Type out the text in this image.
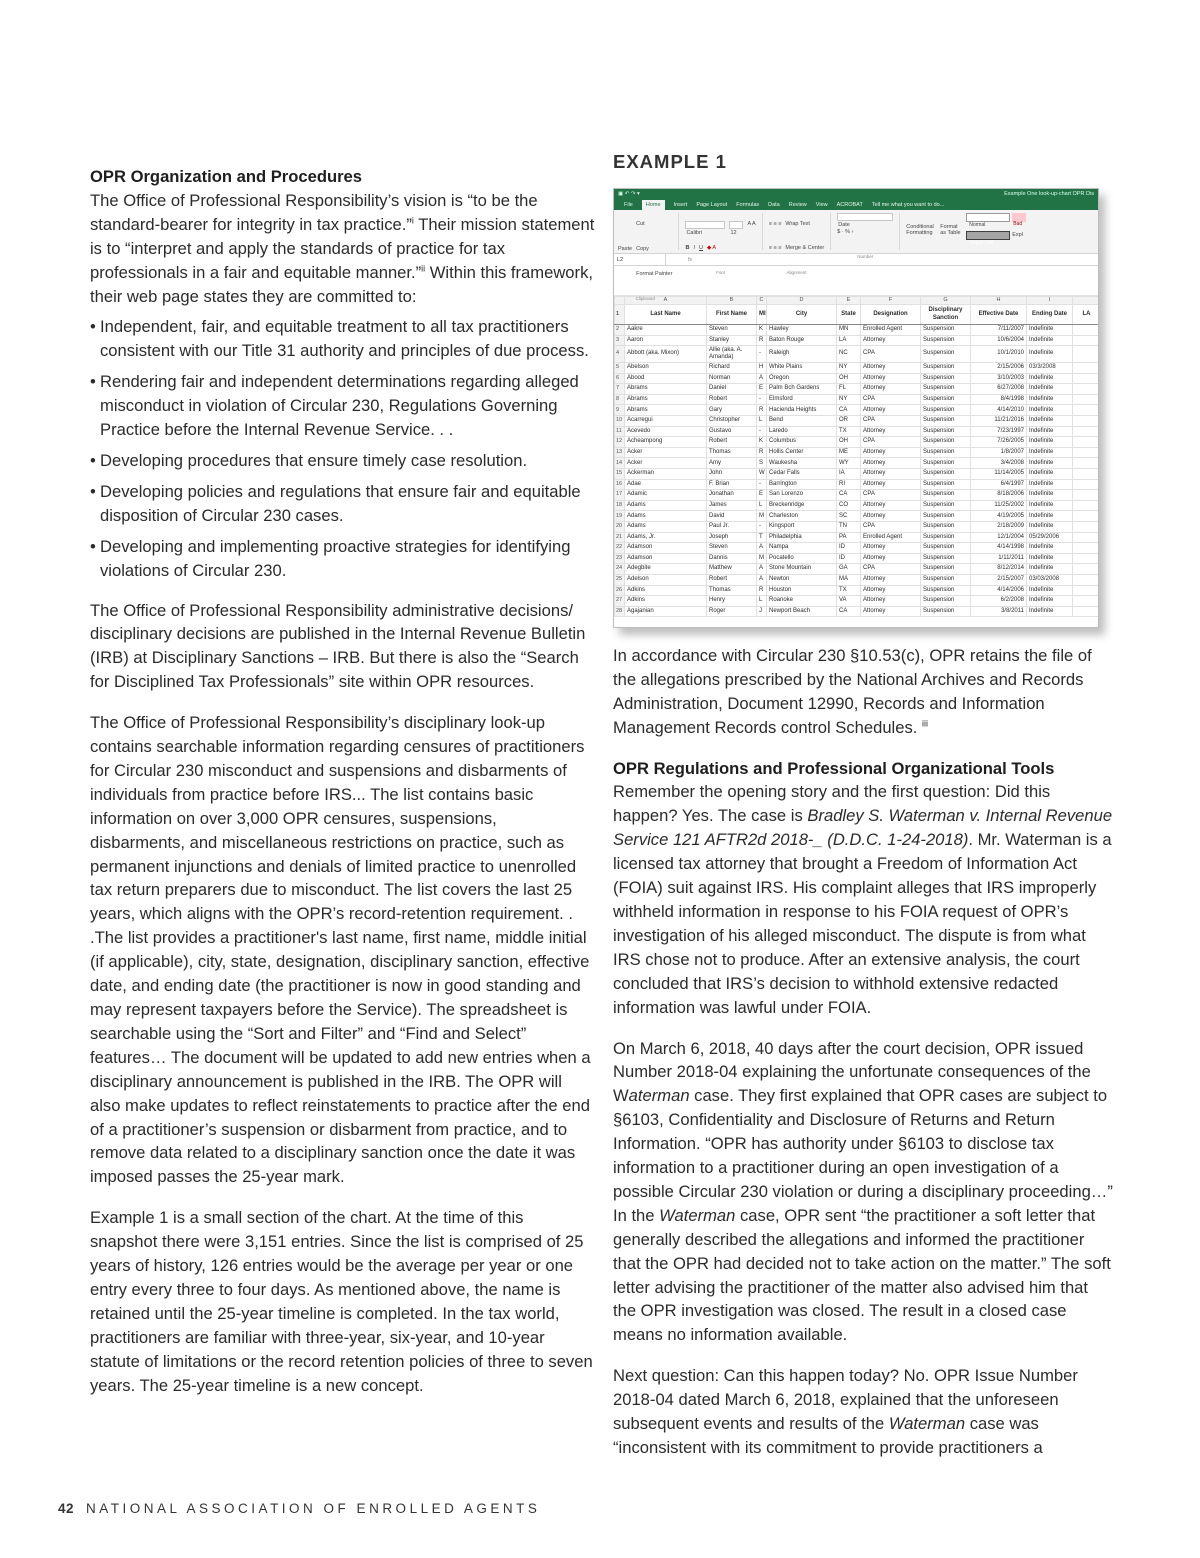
OPR Organization and Procedures

The Office of Professional Responsibility’s vision is “to be the standard-bearer for integrity in tax practice.”$^i$ Their mission statement is to “interpret and apply the standards of practice for tax professionals in a fair and equitable manner.”$^{ii}$ Within this framework, their web page states they are committed to:

• Independent, fair, and equitable treatment to all tax practitioners consistent with our Title 31 authority and principles of due process.
• Rendering fair and independent determinations regarding alleged misconduct in violation of Circular 230, Regulations Governing Practice before the Internal Revenue Service. . .
• Developing procedures that ensure timely case resolution.
• Developing policies and regulations that ensure fair and equitable disposition of Circular 230 cases.
• Developing and implementing proactive strategies for identifying violations of Circular 230.

The Office of Professional Responsibility administrative decisions/ disciplinary decisions are published in the Internal Revenue Bulletin (IRB) at Disciplinary Sanctions – IRB. But there is also the “Search for Disciplined Tax Professionals” site within OPR resources.

The Office of Professional Responsibility’s disciplinary look-up contains searchable information regarding censures of practitioners for Circular 230 misconduct and suspensions and disbarments of individuals from practice before IRS... The list contains basic information on over 3,000 OPR censures, suspensions, disbarments, and miscellaneous restrictions on practice, such as permanent injunctions and denials of limited practice to unenrolled tax return preparers due to misconduct. The list covers the last 25 years, which aligns with the OPR’s record-retention requirement. . .The list provides a practitioner's last name, first name, middle initial (if applicable), city, state, designation, disciplinary sanction, effective date, and ending date (the practitioner is now in good standing and may represent taxpayers before the Service). The spreadsheet is searchable using the “Sort and Filter” and “Find and Select” features… The document will be updated to add new entries when a disciplinary announcement is published in the IRB. The OPR will also make updates to reflect reinstatements to practice after the end of a practitioner’s suspension or disbarment from practice, and to remove data related to a disciplinary sanction once the date it was imposed passes the 25-year mark.

Example 1 is a small section of the chart. At the time of this snapshot there were 3,151 entries. Since the list is comprised of 25 years of history, 126 entries would be the average per year or one entry every three to four days. As mentioned above, the name is retained until the 25-year timeline is completed. In the tax world, practitioners are familiar with three-year, six-year, and 10-year statute of limitations or the record retention policies of three to seven years. The 25-year timeline is a new concept.

EXAMPLE 1
▣ ↶ ↷ ▾	Example One look-up-chart OPR Dis
File	Home	Insert Page Layout Formulas Data Review View ACROBAT Tell me what you want to do...
Paste
Cut
Copy
Format Painter
Clipboard
Calibri	12
A A
B I U ◆ A
Font
≡ ≡ ≡ Wrap Text
≡ ≡ ≡ Merge & Center
Alignment
Date
$ · % ›
Number
Conditional Formatting
Format as Table
Normal	Bad
Check Cell
Expl
L2	fx
	A	B	C	D	E	F	G	H	I	
1	Last Name	First Name	MI	City	State	Designation	Disciplinary Sanction	Effective Date	Ending Date	LA
2	Aakre	Steven	K	Hawley	MN	Enrolled Agent	Suspension	7/11/2007	Indefinite	
3	Aaron	Stanley	R	Baton Rouge	LA	Attorney	Suspension	10/6/2004	Indefinite	
4	Abbott (aka. Mixon)	Allie (aka. A. Amanda)	-	Raleigh	NC	CPA	Suspension	10/1/2010	Indefinite	
5	Abelson	Richard	H	White Plains	NY	Attorney	Suspension	2/15/2006	03/3/2008	
6	Abood	Norman	A	Oregon	OH	Attorney	Suspension	3/10/2003	Indefinite	
7	Abrams	Daniel	E	Palm Bch Gardens	FL	Attorney	Suspension	6/27/2008	Indefinite	
8	Abrams	Robert	-	Elmsford	NY	CPA	Suspension	8/4/1998	Indefinite	
9	Abrams	Gary	R	Hacienda Heights	CA	Attorney	Suspension	4/14/2010	Indefinite	
10	Acarregui	Christopher	L	Bend	OR	CPA	Suspension	11/21/2016	Indefinite	
11	Acevedo	Gustavo	-	Laredo	TX	Attorney	Suspension	7/23/1997	Indefinite	
12	Acheampong	Robert	K	Columbus	OH	CPA	Suspension	7/26/2005	Indefinite	
13	Acker	Thomas	R	Hollis Center	ME	Attorney	Suspension	1/8/2007	Indefinite	
14	Acker	Amy	S	Waukesha	WY	Attorney	Suspension	3/4/2008	Indefinite	
15	Ackerman	John	W	Cedar Falls	IA	Attorney	Suspension	11/14/2005	Indefinite	
16	Adae	F. Brian	-	Barrington	RI	Attorney	Suspension	6/4/1997	Indefinite	
17	Adamic	Jonathan	E	San Lorenzo	CA	CPA	Suspension	8/18/2006	Indefinite	
18	Adams	James	L	Breckenridge	CO	Attorney	Suspension	11/25/2002	Indefinite	
19	Adams	David	M	Charleston	SC	Attorney	Suspension	4/19/2005	Indefinite	
20	Adams	Paul Jr.	-	Kingsport	TN	CPA	Suspension	2/18/2009	Indefinite	
21	Adams, Jr.	Joseph	T	Philadelphia	PA	Enrolled Agent	Suspension	12/1/2004	05/29/2006	
22	Adamson	Steven	A	Nampa	ID	Attorney	Suspension	4/14/1998	Indefinite	
23	Adamson	Dannis	M	Pocatello	ID	Attorney	Suspension	1/11/2011	Indefinite	
24	Adegbite	Matthew	A	Stone Mountain	GA	CPA	Suspension	8/12/2014	Indefinite	
25	Adelson	Robert	A	Newton	MA	Attorney	Suspension	2/15/2007	03/03/2008	
26	Adkins	Thomas	R	Houston	TX	Attorney	Suspension	4/14/2006	Indefinite	
27	Adkins	Henry	L	Roanoke	VA	Attorney	Suspension	6/2/2008	Indefinite	
28	Agajanian	Roger	J	Newport Beach	CA	Attorney	Suspension	3/8/2011	Indefinite	

In accordance with Circular 230 §10.53(c), OPR retains the file of the allegations prescribed by the National Archives and Records Administration, Document 12990, Records and Information Management Records control Schedules. $^{iii}$

OPR Regulations and Professional Organizational Tools

Remember the opening story and the first question: Did this happen? Yes. The case is Bradley S. Waterman v. Internal Revenue Service 121 AFTR2d 2018-_ (D.D.C. 1-24-2018). Mr. Waterman is a licensed tax attorney that brought a Freedom of Information Act (FOIA) suit against IRS. His complaint alleges that IRS improperly withheld information in response to his FOIA request of OPR’s investigation of his alleged misconduct. The dispute is from what IRS chose not to produce. After an extensive analysis, the court concluded that IRS’s decision to withhold extensive redacted information was lawful under FOIA.

On March 6, 2018, 40 days after the court decision, OPR issued Number 2018-04 explaining the unfortunate consequences of the Waterman case. They first explained that OPR cases are subject to §6103, Confidentiality and Disclosure of Returns and Return Information. “OPR has authority under §6103 to disclose tax information to a practitioner during an open investigation of a possible Circular 230 violation or during a disciplinary proceeding…” In the Waterman case, OPR sent “the practitioner a soft letter that generally described the allegations and informed the practitioner that the OPR had decided not to take action on the matter.” The soft letter advising the practitioner of the matter also advised him that the OPR investigation was closed. The result in a closed case means no information available.

Next question: Can this happen today? No. OPR Issue Number 2018-04 dated March 6, 2018, explained that the unforeseen subsequent events and results of the Waterman case was “inconsistent with its commitment to provide practitioners a

42 NATIONAL ASSOCIATION OF ENROLLED AGENTS
